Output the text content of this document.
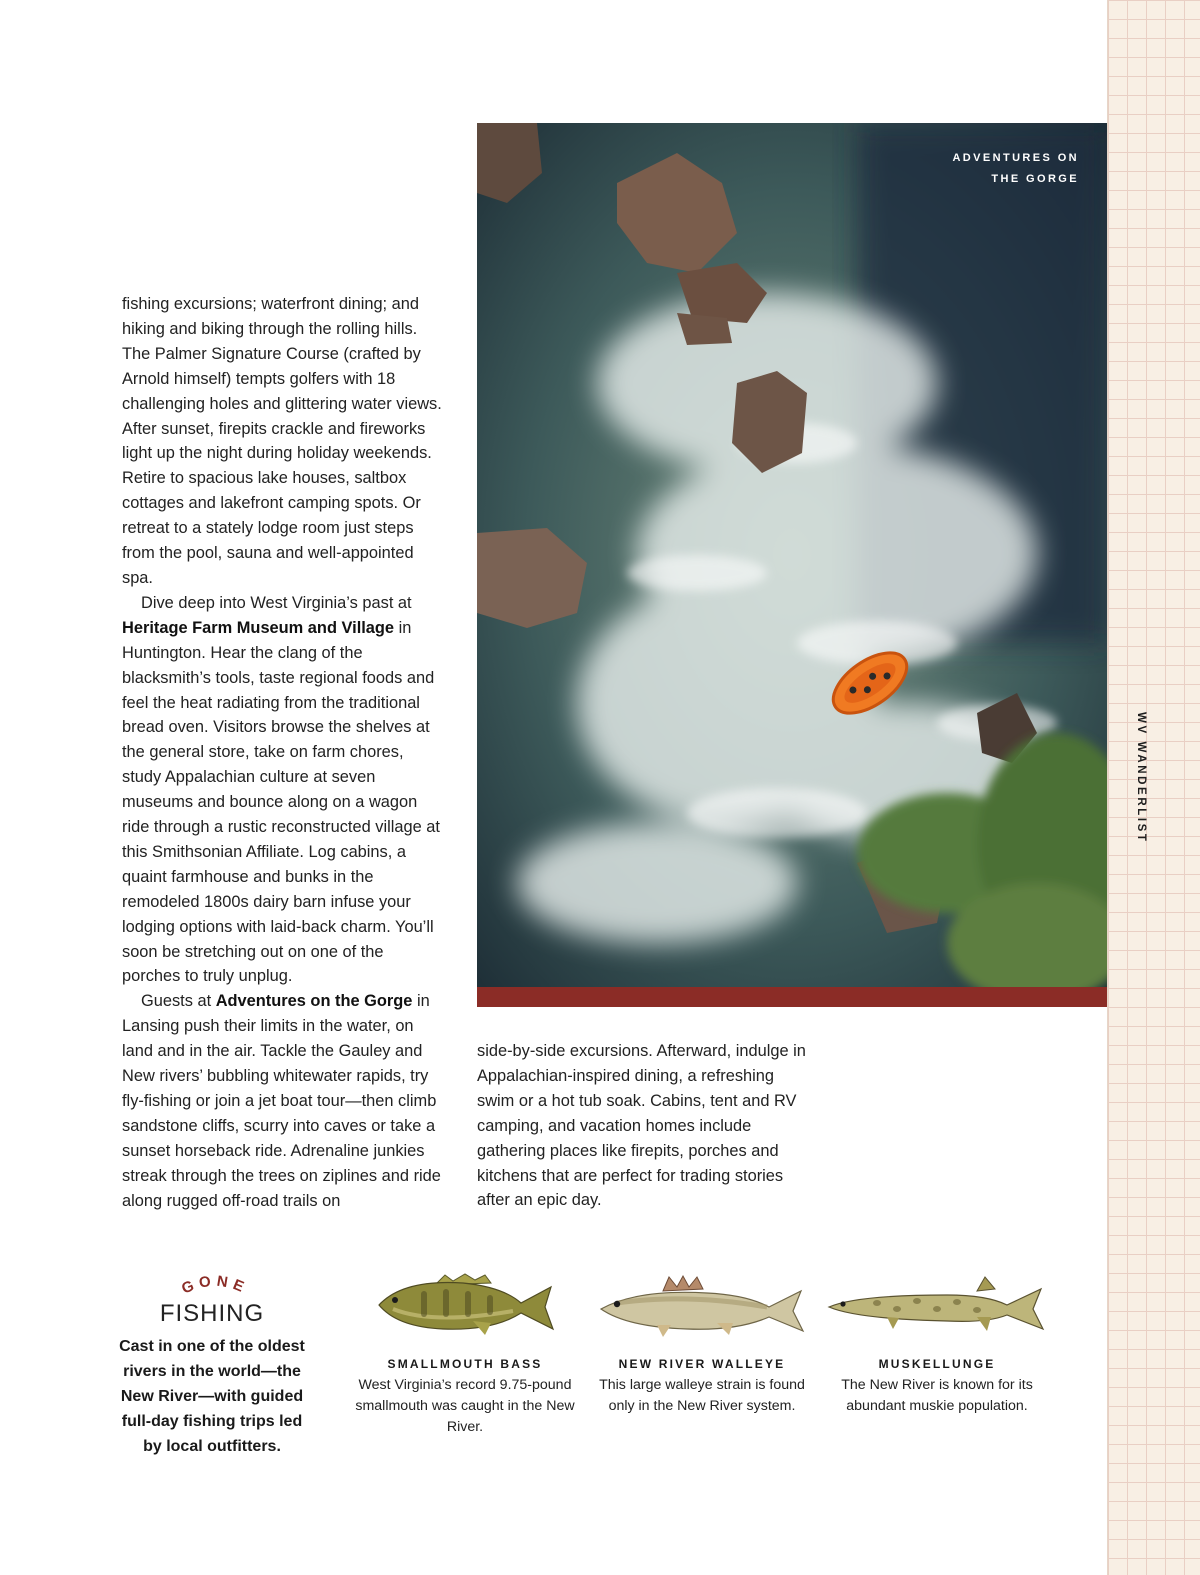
WV WANDERLIST

fishing excursions; waterfront dining; and hiking and biking through the rolling hills. The Palmer Signature Course (crafted by Arnold himself) tempts golfers with 18 challenging holes and glittering water views. After sunset, firepits crackle and fireworks light up the night during holiday weekends. Retire to spacious lake houses, saltbox cottages and lakefront camping spots. Or retreat to a stately lodge room just steps from the pool, sauna and well-appointed spa.

Dive deep into West Virginia’s past at Heritage Farm Museum and Village in Huntington. Hear the clang of the blacksmith’s tools, taste regional foods and feel the heat radiating from the traditional bread oven. Visitors browse the shelves at the general store, take on farm chores, study Appalachian culture at seven museums and bounce along on a wagon ride through a rustic reconstructed village at this Smithsonian Affiliate. Log cabins, a quaint farmhouse and bunks in the remodeled 1800s dairy barn infuse your lodging options with laid-back charm. You’ll soon be stretching out on one of the porches to truly unplug.

Guests at Adventures on the Gorge in Lansing push their limits in the water, on land and in the air. Tackle the Gauley and New rivers’ bubbling whitewater rapids, try fly-fishing or join a jet boat tour—then climb sandstone cliffs, scurry into caves or take a sunset horseback ride. Adrenaline junkies streak through the trees on ziplines and ride along rugged off-road trails on

ADVENTURES ON
THE GORGE

side-by-side excursions. Afterward, indulge in Appalachian-inspired dining, a refreshing swim or a hot tub soak. Cabins, tent and RV camping, and vacation homes include gathering places like firepits, porches and kitchens that are perfect for trading stories after an epic day.

GONE
FISHING
Cast in one of the oldest rivers in the world—the New River—with guided full-day fishing trips led by local outfitters.
SMALLMOUTH BASS
West Virginia’s record 9.75-pound smallmouth was caught in the New River.
NEW RIVER WALLEYE
This large walleye strain is found only in the New River system.
MUSKELLUNGE
The New River is known for its abundant muskie population.
